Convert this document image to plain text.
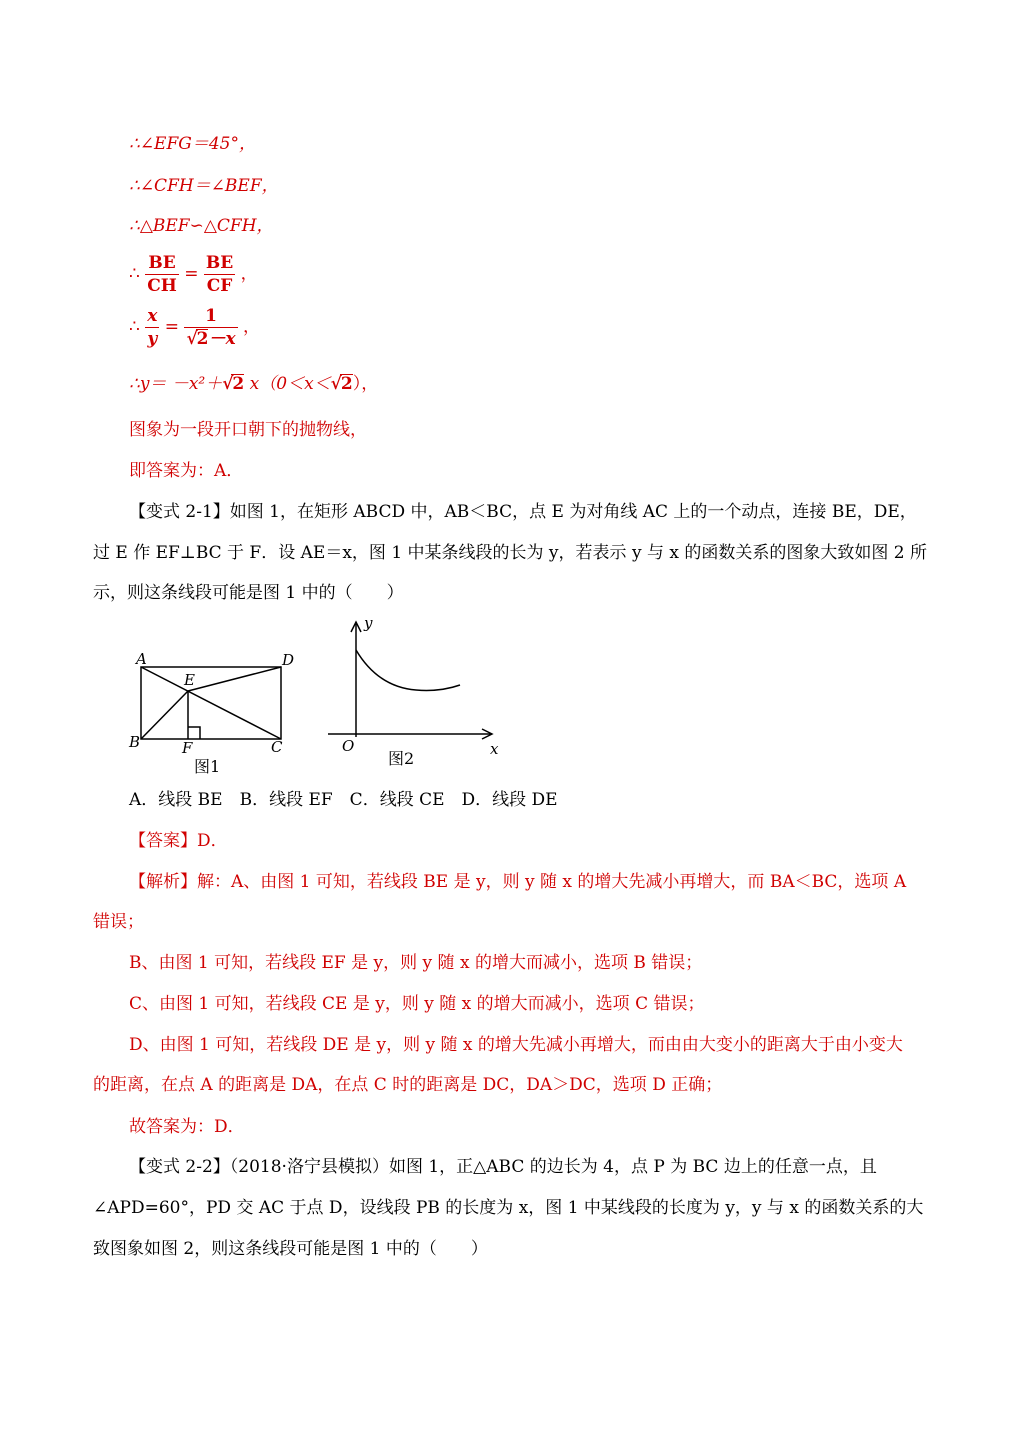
∴∠EFG＝45°，
∴∠CFH＝∠BEF，
∴△BEF∽△CFH，
∴ $\frac{BE}{CH} = \frac{BE}{CF}$ ，
∴ $\frac{x}{y} = \frac{1}{√2-x}$ ，
∴y＝ －x²＋√2 x（0＜x＜√2），
图象为一段开口朝下的抛物线，
即答案为：A．
【变式 2-1】如图 1，在矩形 ABCD 中，AB＜BC，点 E 为对角线 AC 上的一个动点，连接 BE，DE，
过 E 作 EF⊥BC 于 F．设 AE＝x，图 1 中某条线段的长为 y，若表示 y 与 x 的函数关系的图象大致如图 2 所
示，则这条线段可能是图 1 中的（　　）
A	D
E
B	F	C
图1
y
x
O
图2
A．线段 BE　B．线段 EF　C．线段 CE　D．线段 DE
【答案】D．
【解析】解：A、由图 1 可知，若线段 BE 是 y，则 y 随 x 的增大先减小再增大，而 BA＜BC，选项 A
错误；
B、由图 1 可知，若线段 EF 是 y，则 y 随 x 的增大而减小，选项 B 错误；
C、由图 1 可知，若线段 CE 是 y，则 y 随 x 的增大而减小，选项 C 错误；
D、由图 1 可知，若线段 DE 是 y，则 y 随 x 的增大先减小再增大，而由由大变小的距离大于由小变大
的距离，在点 A 的距离是 DA，在点 C 时的距离是 DC，DA＞DC，选项 D 正确；
故答案为：D．
【变式 2-2】（2018·洛宁县模拟）如图 1，正△ABC 的边长为 4，点 P 为 BC 边上的任意一点，且
∠APD=60°，PD 交 AC 于点 D，设线段 PB 的长度为 x，图 1 中某线段的长度为 y，y 与 x 的函数关系的大
致图象如图 2，则这条线段可能是图 1 中的（　　）
